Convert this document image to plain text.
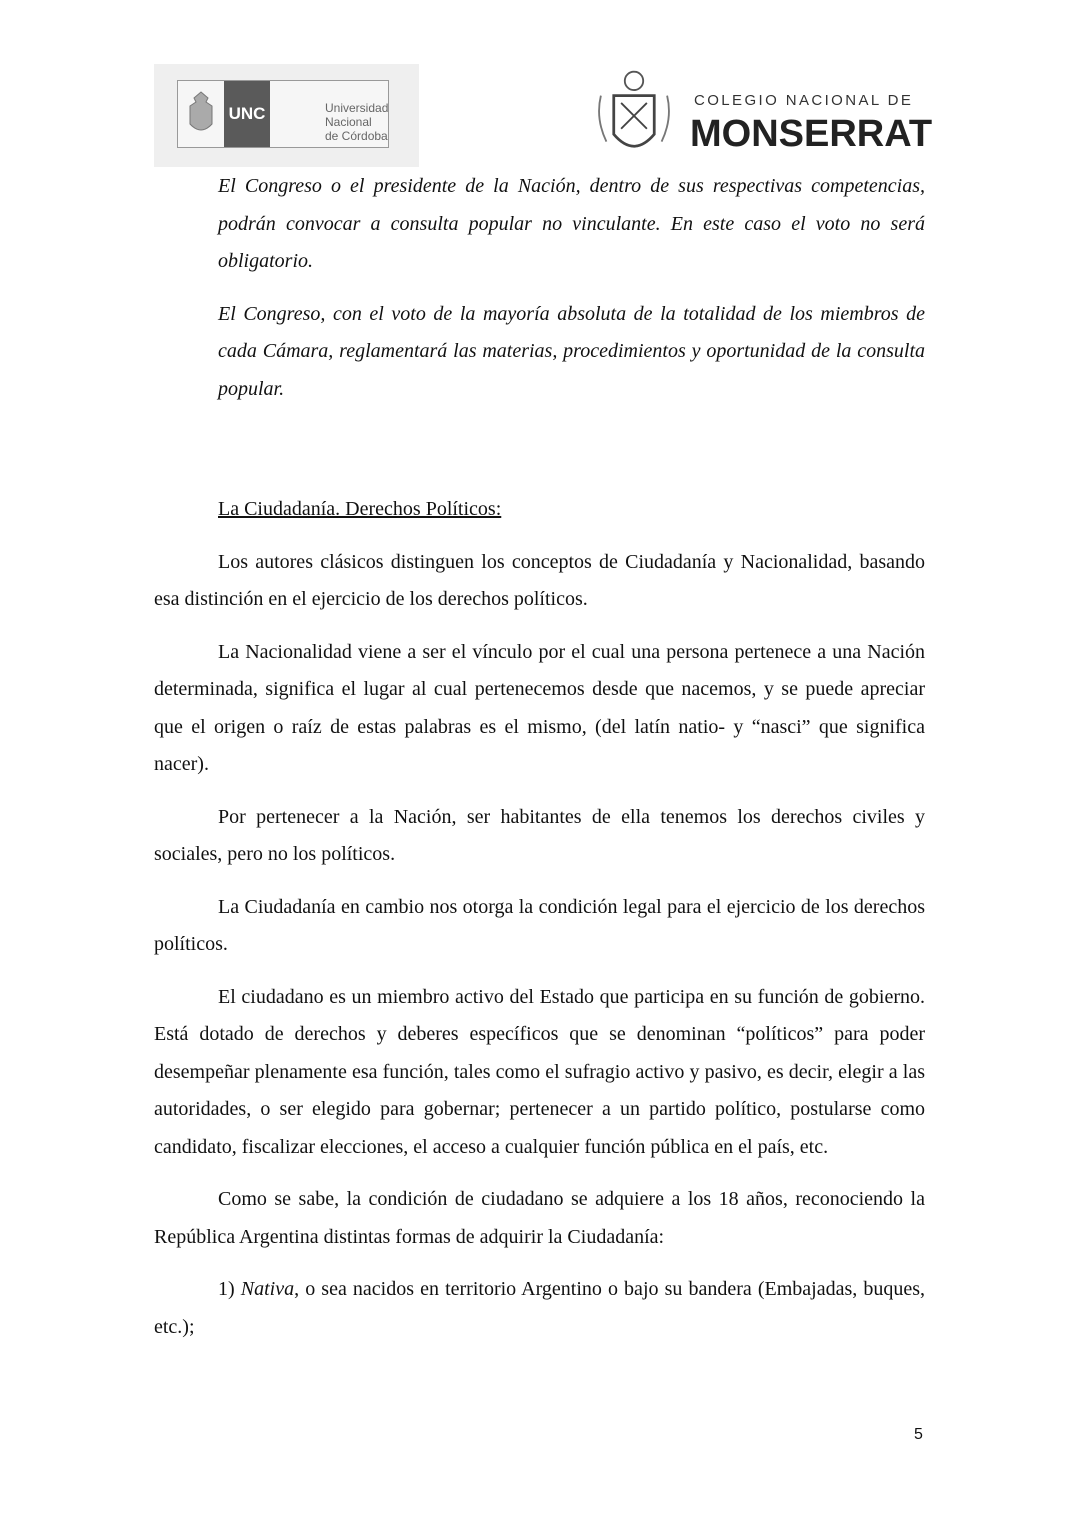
UNC	Universidad
Nacional
de Córdoba
COLEGIO NACIONAL DE
MONSERRAT

El Congreso o el presidente de la Nación, dentro de sus respectivas competencias, podrán convocar a consulta popular no vinculante. En este caso el voto no será obligatorio.

El Congreso, con el voto de la mayoría absoluta de la totalidad de los miembros de cada Cámara, reglamentará las materias, procedimientos y oportunidad de la consulta popular.

La Ciudadanía. Derechos Políticos:

Los autores clásicos distinguen los conceptos de Ciudadanía y Nacionalidad, basando esa distinción en el ejercicio de los derechos políticos.

La Nacionalidad viene a ser el vínculo por el cual una persona pertenece a una Nación determinada, significa el lugar al cual pertenecemos desde que nacemos, y se puede apreciar que el origen o raíz de estas palabras es el mismo, (del latín natio- y “nasci” que significa nacer).

Por pertenecer a la Nación, ser habitantes de ella tenemos los derechos civiles y sociales, pero no los políticos.

La Ciudadanía en cambio nos otorga la condición legal para el ejercicio de los derechos políticos.

El ciudadano es un miembro activo del Estado que participa en su función de gobierno. Está dotado de derechos y deberes específicos que se denominan “políticos” para poder desempeñar plenamente esa función, tales como el sufragio activo y pasivo, es decir, elegir a las autoridades, o ser elegido para gobernar; pertenecer a un partido político, postularse como candidato, fiscalizar elecciones, el acceso a cualquier función pública en el país, etc.

Como se sabe, la condición de ciudadano se adquiere a los 18 años, reconociendo la República Argentina distintas formas de adquirir la Ciudadanía:

1) Nativa, o sea nacidos en territorio Argentino o bajo su bandera (Embajadas, buques, etc.);

5
